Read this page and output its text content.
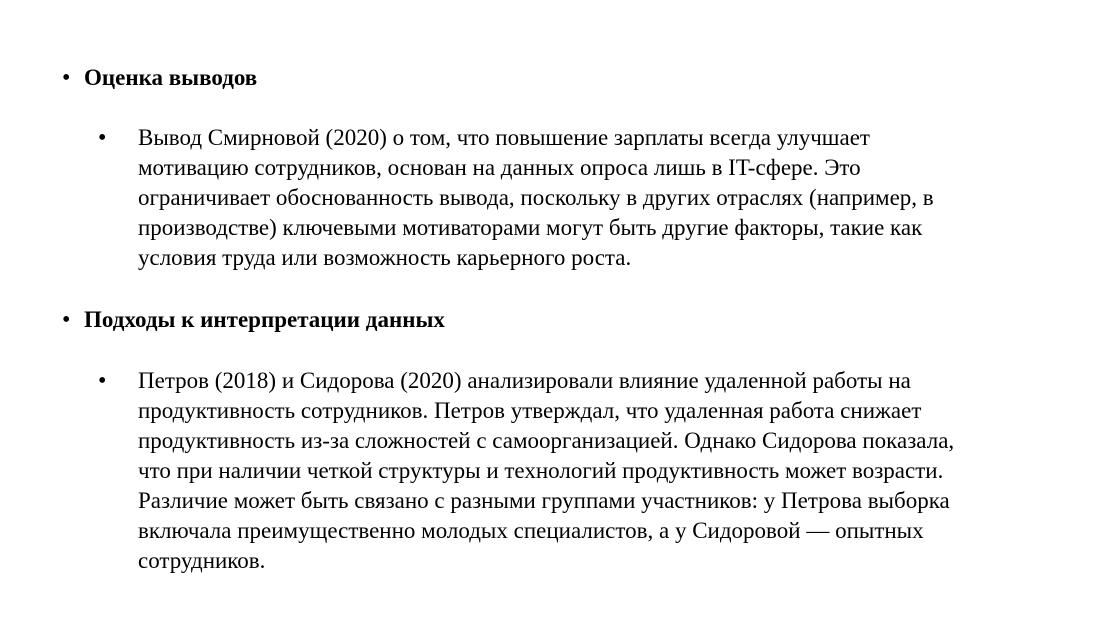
• Оценка выводов
• Вывод Смирновой (2020) о том, что повышение зарплаты всегда улучшает
мотивацию сотрудников, основан на данных опроса лишь в IT-сфере. Это
ограничивает обоснованность вывода, поскольку в других отраслях (например, в
производстве) ключевыми мотиваторами могут быть другие факторы, такие как
условия труда или возможность карьерного роста.
• Подходы к интерпретации данных
• Петров (2018) и Сидорова (2020) анализировали влияние удаленной работы на
продуктивность сотрудников. Петров утверждал, что удаленная работа снижает
продуктивность из-за сложностей с самоорганизацией. Однако Сидорова показала,
что при наличии четкой структуры и технологий продуктивность может возрасти.
Различие может быть связано с разными группами участников: у Петрова выборка
включала преимущественно молодых специалистов, а у Сидоровой — опытных
сотрудников.
